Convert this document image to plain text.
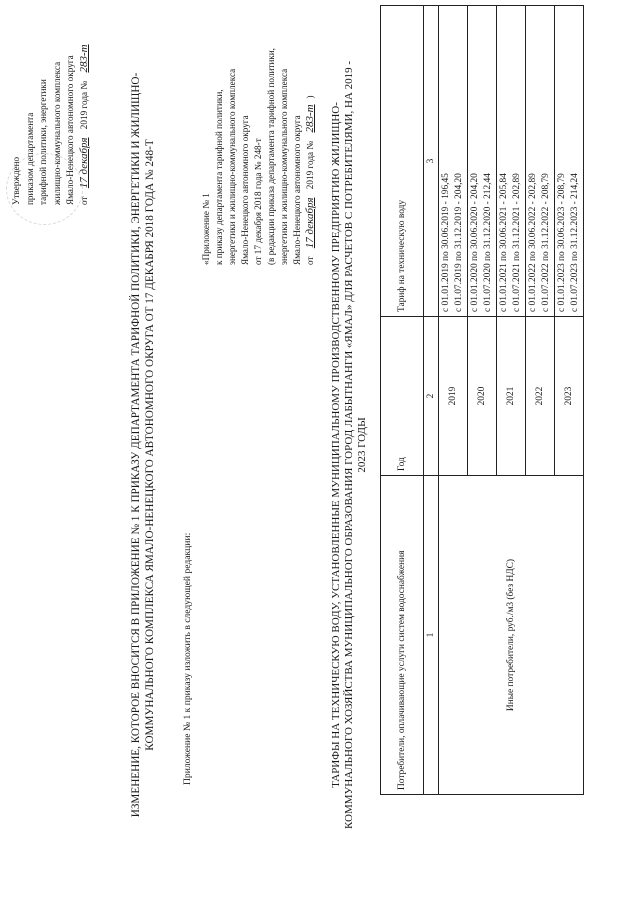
Утверждено приказом департамента тарифной политики, энергетики жилищно-коммунального комплекса Ямало-Ненецкого автономного округа от 17 декабря 2019 года № 283-т
ИЗМЕНЕНИЕ, КОТОРОЕ ВНОСИТСЯ В ПРИЛОЖЕНИЕ № 1 К ПРИКАЗУ ДЕПАРТАМЕНТА ТАРИФНОЙ ПОЛИТИКИ, ЭНЕРГЕТИКИ И ЖИЛИЩНО-КОММУНАЛЬНОГО КОМПЛЕКСА ЯМАЛО-НЕНЕЦКОГО АВТОНОМНОГО ОКРУГА ОТ 17 ДЕКАБРЯ 2018 ГОДА № 248-Т	Приложение № 1 к приказу изложить в следующей редакции:
«Приложение № 1 к приказу департамента тарифной политики, энергетики и жилищно-коммунального комплекса Ямало-Ненецкого автономного округа от 17 декабря 2018 года № 248-т (в редакции приказа департамента тарифной политики, энергетики и жилищно-коммунального комплекса Ямало-Ненецкого автономного округа от 17 декабря 2019 года № 283-т)
ТАРИФЫ НА ТЕХНИЧЕСКУЮ ВОДУ, УСТАНОВЛЕННЫЕ МУНИЦИПАЛЬНОМУ ПРОИЗВОДСТВЕННОМУ ПРЕДПРИЯТИЮ ЖИЛИЩНО-КОММУНАЛЬНОГО ХОЗЯЙСТВА МУНИЦИПАЛЬНОГО ОБРАЗОВАНИЯ ГОРОД ЛАБЫТНАНГИ «ЯМАЛ» ДЛЯ РАСЧЕТОВ С ПОТРЕБИТЕЛЯМИ, НА 2019 - 2023 ГОДЫ
Потребители, оплачивающие услуги систем водоснабжения	Год	Тариф на техническую воду
1	2	3
Иные потребители, руб./м3 (без НДС)	2019	с 01.01.2019 по 30.06.2019 - 196,45 с 01.07.2019 по 31.12.2019 - 204,20

	2020	с 01.01.2020 по 30.06.2020 - 204,20 с 01.07.2020 по 31.12.2020 - 212,44

	2021	с 01.01.2021 по 30.06.2021 - 205,84 с 01.07.2021 по 31.12.2021 - 202,89

	2022	с 01.01.2022 по 30.06.2022 - 202,89 с 01.07.2022 по 31.12.2022 - 208,79

	2023	с 01.01.2023 по 30.06.2023 - 208,79 с 01.07.2023 по 31.12.2023 - 214,24
